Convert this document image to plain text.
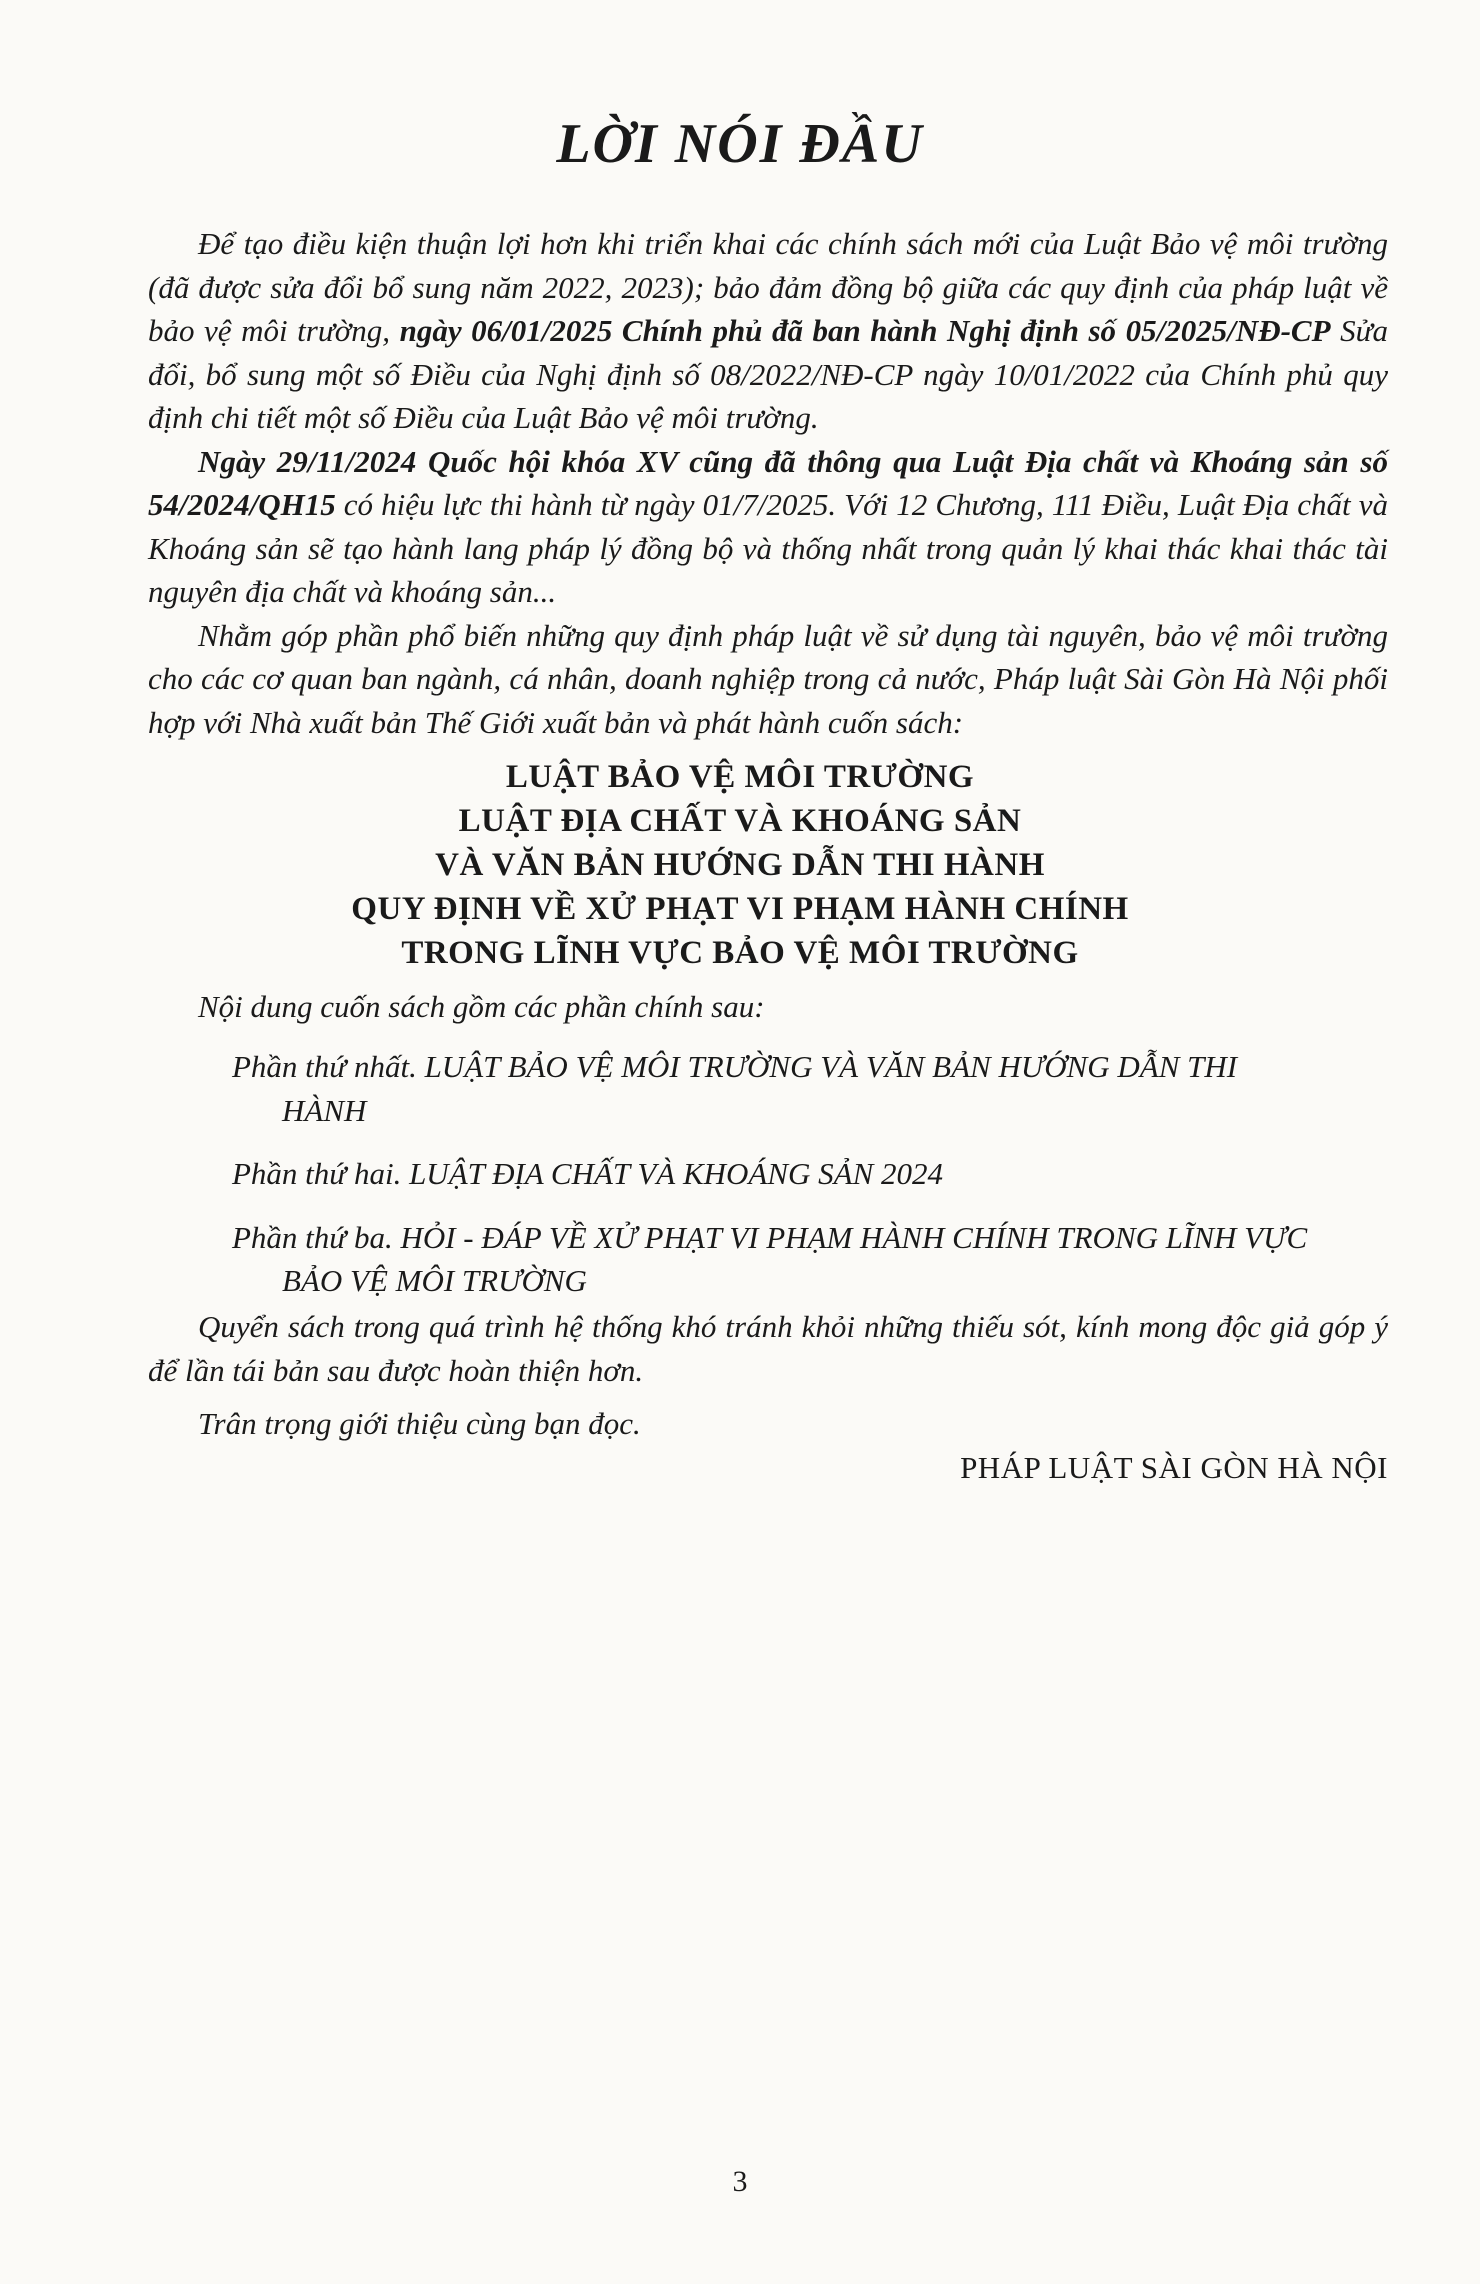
LỜI NÓI ĐẦU

Để tạo điều kiện thuận lợi hơn khi triển khai các chính sách mới của Luật Bảo vệ môi trường (đã được sửa đổi bổ sung năm 2022, 2023); bảo đảm đồng bộ giữa các quy định của pháp luật về bảo vệ môi trường, ngày 06/01/2025 Chính phủ đã ban hành Nghị định số 05/2025/NĐ-CP Sửa đổi, bổ sung một số Điều của Nghị định số 08/2022/NĐ-CP ngày 10/01/2022 của Chính phủ quy định chi tiết một số Điều của Luật Bảo vệ môi trường.

Ngày 29/11/2024 Quốc hội khóa XV cũng đã thông qua Luật Địa chất và Khoáng sản số 54/2024/QH15 có hiệu lực thi hành từ ngày 01/7/2025. Với 12 Chương, 111 Điều, Luật Địa chất và Khoáng sản sẽ tạo hành lang pháp lý đồng bộ và thống nhất trong quản lý khai thác khai thác tài nguyên địa chất và khoáng sản...

Nhằm góp phần phổ biến những quy định pháp luật về sử dụng tài nguyên, bảo vệ môi trường cho các cơ quan ban ngành, cá nhân, doanh nghiệp trong cả nước, Pháp luật Sài Gòn Hà Nội phối hợp với Nhà xuất bản Thế Giới xuất bản và phát hành cuốn sách:

LUẬT BẢO VỆ MÔI TRƯỜNG
LUẬT ĐỊA CHẤT VÀ KHOÁNG SẢN
VÀ VĂN BẢN HƯỚNG DẪN THI HÀNH
QUY ĐỊNH VỀ XỬ PHẠT VI PHẠM HÀNH CHÍNH
TRONG LĨNH VỰC BẢO VỆ MÔI TRƯỜNG

Nội dung cuốn sách gồm các phần chính sau:

Phần thứ nhất. LUẬT BẢO VỆ MÔI TRƯỜNG VÀ VĂN BẢN HƯỚNG DẪN THI
HÀNH
Phần thứ hai. LUẬT ĐỊA CHẤT VÀ KHOÁNG SẢN 2024
Phần thứ ba. HỎI - ĐÁP VỀ XỬ PHẠT VI PHẠM HÀNH CHÍNH TRONG LĨNH VỰC
BẢO VỆ MÔI TRƯỜNG

Quyển sách trong quá trình hệ thống khó tránh khỏi những thiếu sót, kính mong độc giả góp ý để lần tái bản sau được hoàn thiện hơn.

Trân trọng giới thiệu cùng bạn đọc.

PHÁP LUẬT SÀI GÒN HÀ NỘI
3
